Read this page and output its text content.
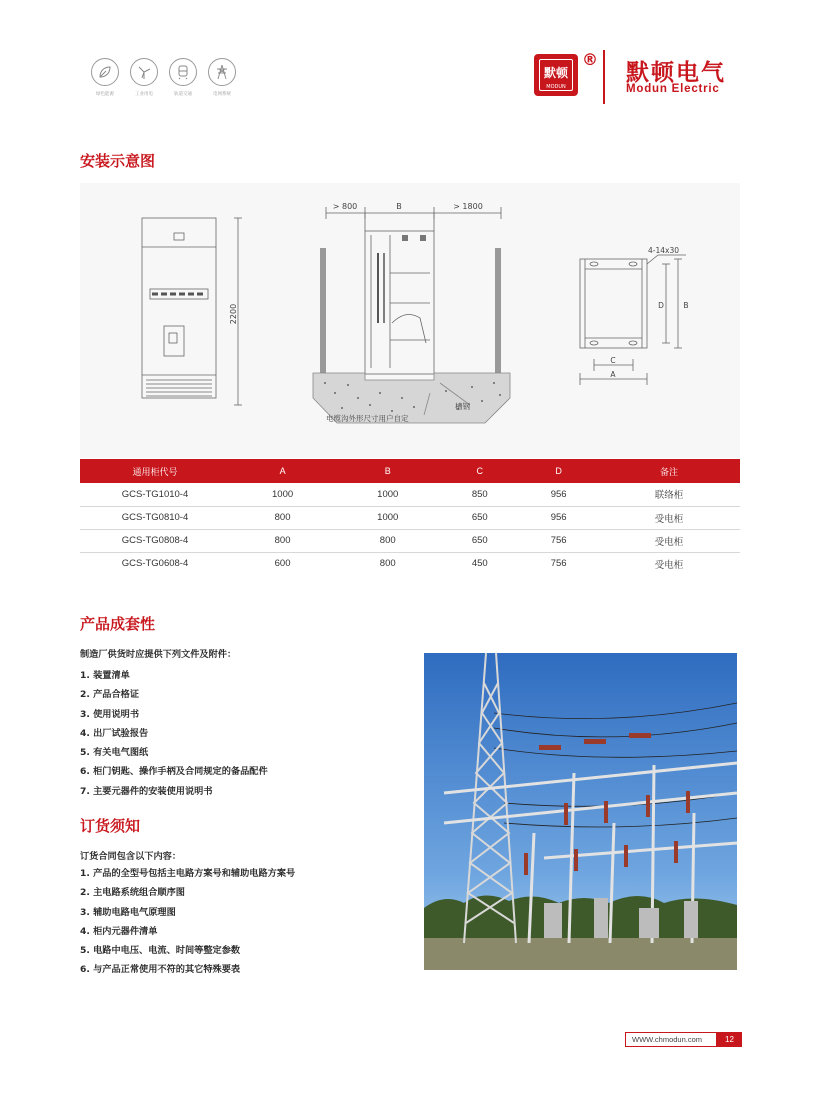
绿色能源	工业用电	轨道交通	电网系统
默顿
MODUN
®
默顿电气
Modun Electric
安装示意图
2200
> 800	B	> 1800
电缆沟外形尺寸用户自定
槽钢
4-14x30
D	B
C
A
通用柜代号	A	B	C	D	备注
GCS-TG1010-4	1000	1000	850	956	联络柜
GCS-TG0810-4	800	1000	650	956	受电柜
GCS-TG0808-4	800	800	650	756	受电柜
GCS-TG0608-4	600	800	450	756	受电柜
产品成套性
制造厂供货时应提供下列文件及附件：
1. 装置清单
2. 产品合格证
3. 使用说明书
4. 出厂试验报告
5. 有关电气图纸
6. 柜门钥匙、操作手柄及合同规定的备品配件
7. 主要元器件的安装使用说明书
订货须知
订货合同包含以下内容：
1. 产品的全型号包括主电路方案号和辅助电路方案号
2. 主电路系统组合顺序图
3. 辅助电路电气原理图
4. 柜内元器件清单
5. 电路中电压、电流、时间等整定参数
6. 与产品正常使用不符的其它特殊要表
WWW.chmodun.com	12
